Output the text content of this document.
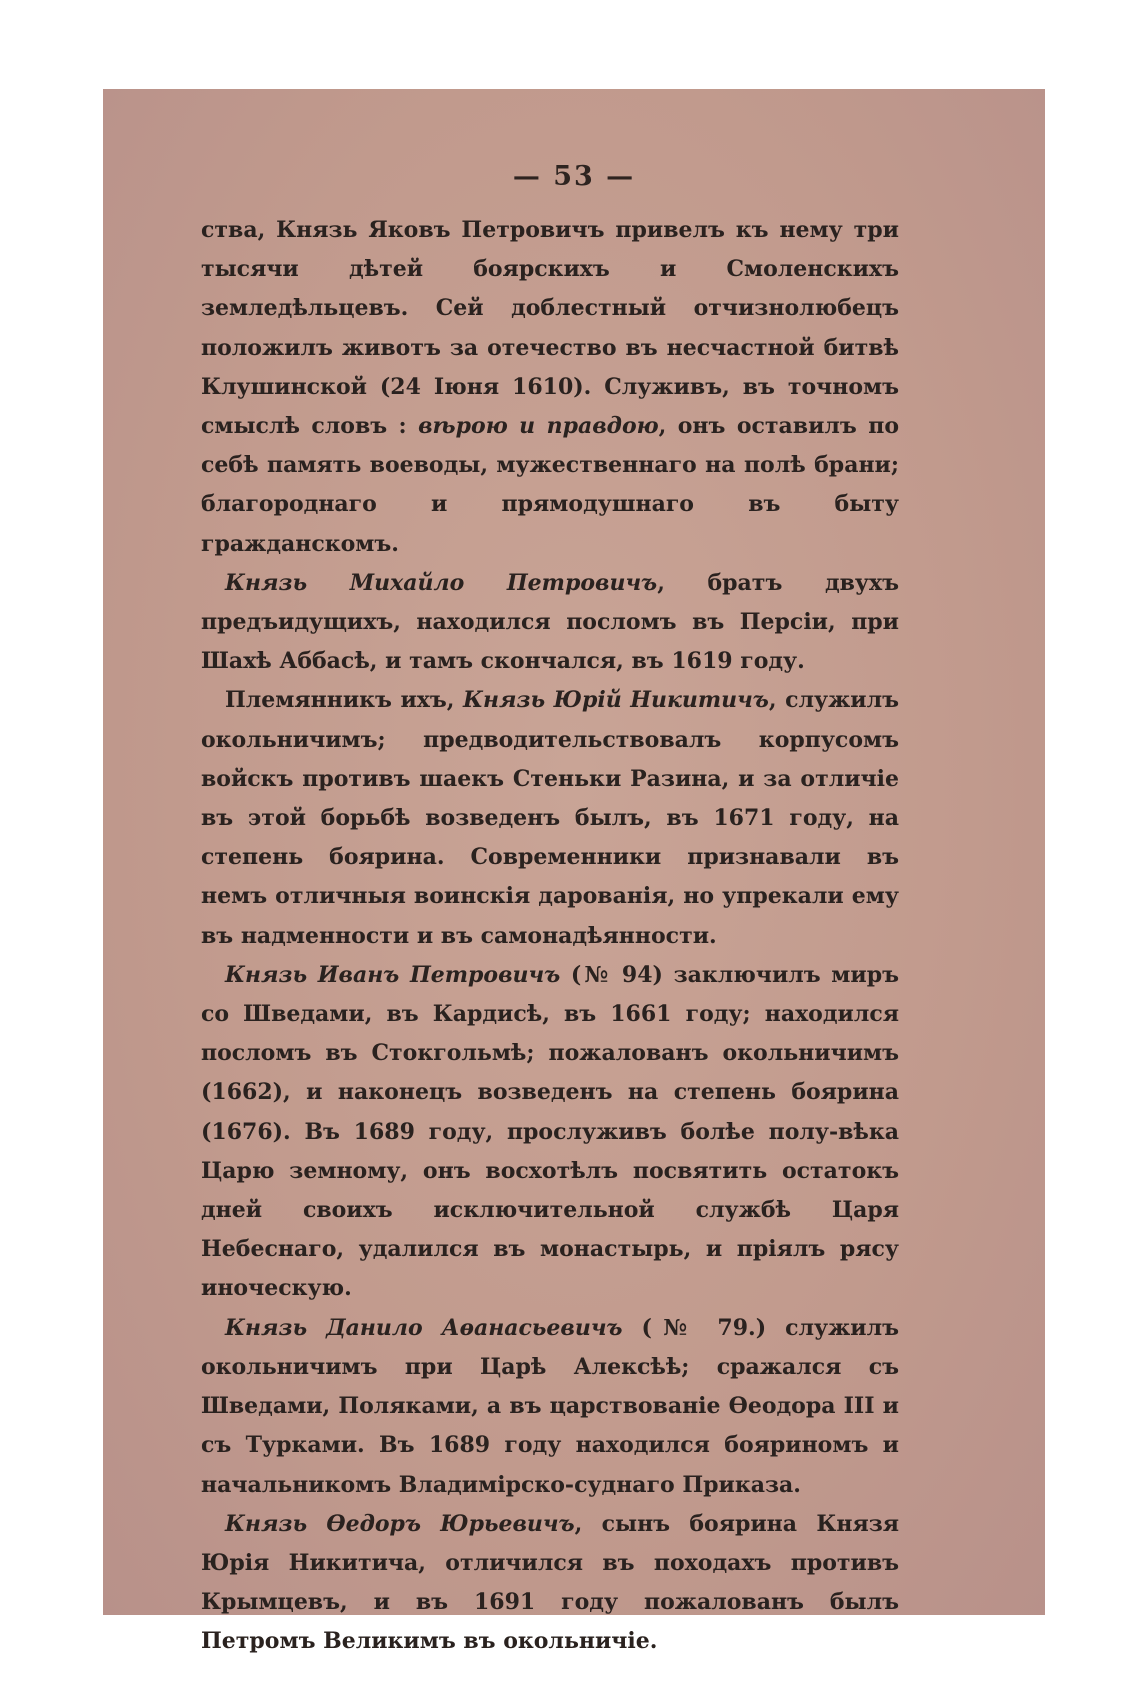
— 53 —

ства, Князь Яковъ Петровичъ привелъ къ нему три тысячи дѣтей боярскихъ и Смоленскихъ земледѣльцевъ. Сей доблестный отчизнолюбецъ положилъ животъ за отечество въ несчастной битвѣ Клушинской (24 Іюня 1610). Служивъ, въ точномъ смыслѣ словъ : вѣрою и правдою, онъ оставилъ по себѣ память воеводы, мужественнаго на полѣ брани; благороднаго и прямодушнаго въ быту гражданскомъ.

Князь Михайло Петровичъ, братъ двухъ предъидущихъ, находился посломъ въ Персіи, при Шахѣ Аббасѣ, и тамъ скончался, въ 1619 году.

Племянникъ ихъ, Князь Юрій Никитичъ, служилъ окольничимъ; предводительствовалъ корпусомъ войскъ противъ шаекъ Стеньки Разина, и за отличіе въ этой борьбѣ возведенъ былъ, въ 1671 году, на степень боярина. Современники признавали въ немъ отличныя воинскія дарованія, но упрекали ему въ надменности и въ самонадѣянности.

Князь Иванъ Петровичъ (№ 94) заключилъ миръ со Шведами, въ Кардисѣ, въ 1661 году; находился посломъ въ Стокгольмѣ; пожалованъ окольничимъ (1662), и наконецъ возведенъ на степень боярина (1676). Въ 1689 году, прослуживъ болѣе полу-вѣка Царю земному, онъ восхотѣлъ посвятить остатокъ дней своихъ исключительной службѣ Царя Небеснаго, удалился въ монастырь, и пріялъ рясу иноческую.

Князь Данило Аѳанасьевичъ (№ 79.) служилъ окольничимъ при Царѣ Алексѣѣ; сражался съ Шведами, Поляками, а въ царствованіе Ѳеодора III и съ Турками. Въ 1689 году находился бояриномъ и начальникомъ Владимірско-суднаго Приказа.

Князь Ѳедоръ Юрьевичъ, сынъ боярина Князя Юрія Никитича, отличился въ походахъ противъ Крымцевъ, и въ 1691 году пожалованъ былъ Петромъ Великимъ въ окольничіе.
